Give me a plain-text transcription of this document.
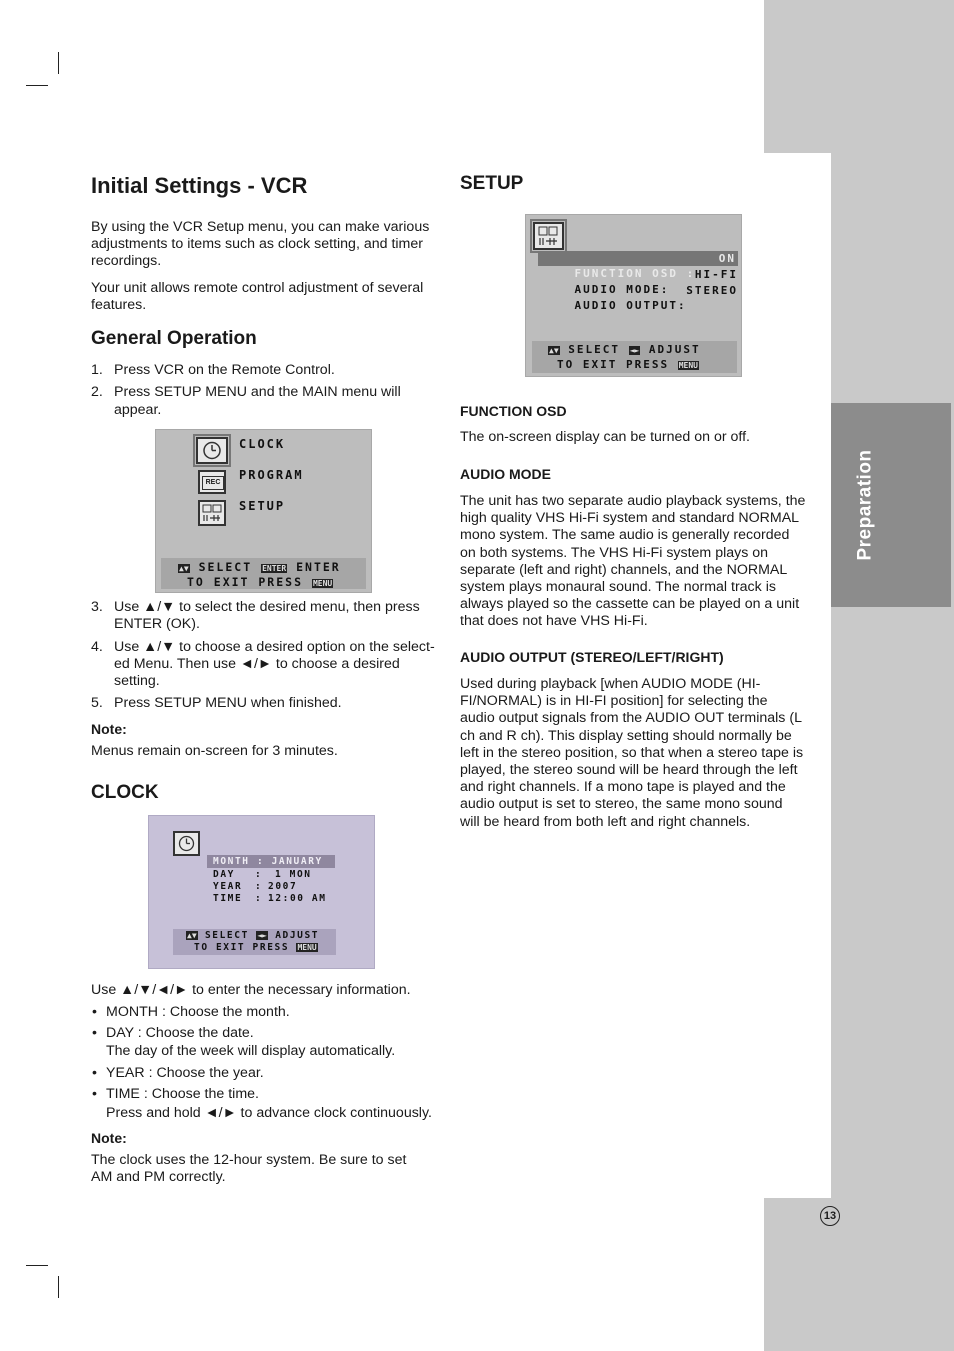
Preparation
13
Initial Settings - VCR

By using the VCR Setup menu, you can make various adjustments to items such as clock setting, and timer recordings.

Your unit allows remote control adjustment of several features.

General Operation
1. Press VCR on the Remote Control.
2. Press SETUP MENU and the MAIN menu will
appear.
REC
CLOCK
PROGRAM
SETUP
▲▼ SELECT ENTER ENTER
TO EXIT PRESS MENU
3. Use ▲/▼ to select the desired menu, then press
ENTER (OK).
4. Use ▲/▼ to choose a desired option on the select-
ed Menu. Then use ◄/► to choose a desired
setting.
5. Press SETUP MENU when finished.
Note:

Menus remain on-screen for 3 minutes.

CLOCK
MONTH : JANUARY
DAY : 1 MON
YEAR : 2007
TIME : 12:00 AM
▲▼ SELECT ◄► ADJUST
TO EXIT PRESS MENU

Use ▲/▼/◄/► to enter the necessary information.

• MONTH : Choose the month.
• DAY : Choose the date.
The day of the week will display automatically.
• YEAR : Choose the year.
• TIME : Choose the time.
Press and hold ◄/► to advance clock continuously.
Note:

The clock uses the 12-hour system. Be sure to set AM and PM correctly.

SETUP

FUNCTION OSD :

ON

AUDIO MODE:

HI-FI

AUDIO OUTPUT:

STEREO

▲▼ SELECT ◄► ADJUST
TO EXIT PRESS MENU
FUNCTION OSD

The on-screen display can be turned on or off.

AUDIO MODE

The unit has two separate audio playback systems, the high quality VHS Hi-Fi system and standard NORMAL mono system. The same audio is generally recorded on both systems. The VHS Hi-Fi system plays on separate (left and right) channels, and the NORMAL system plays monaural sound. The normal track is always played so the cassette can be played on a unit that does not have VHS Hi-Fi.

AUDIO OUTPUT (STEREO/LEFT/RIGHT)

Used during playback [when AUDIO MODE (HI-FI/NORMAL) is in HI-FI position] for selecting the audio output signals from the AUDIO OUT terminals (L ch and R ch). This display setting should normally be left in the stereo position, so that when a stereo tape is played, the stereo sound will be heard through the left and right channels. If a mono tape is played and the audio output is set to stereo, the same mono sound will be heard from both left and right channels.
